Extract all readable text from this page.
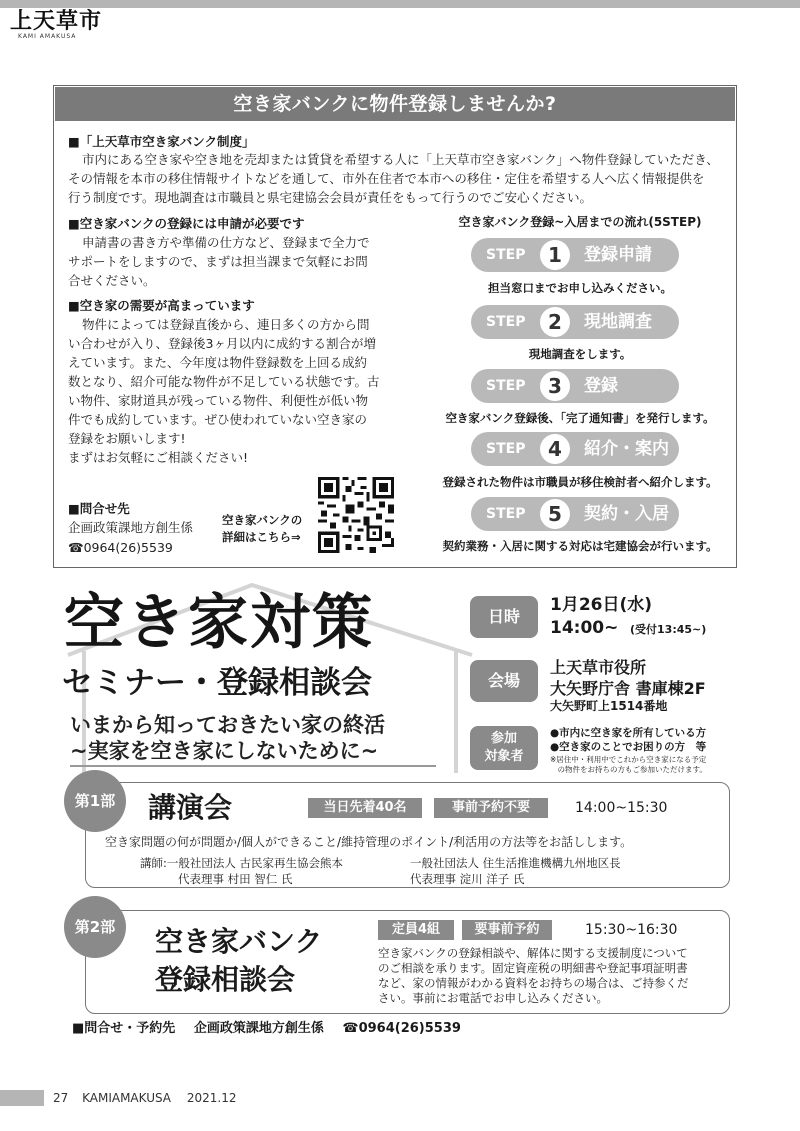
上天草市
KAMI AMAKUSA
空き家バンクに物件登録しませんか?
■「上天草市空き家バンク制度」
市内にある空き家や空き地を売却または賃貸を希望する人に「上天草市空き家バンク」へ物件登録していただき、
その情報を本市の移住情報サイトなどを通して、市外在住者で本市への移住・定住を希望する人へ広く情報提供を
行う制度です。現地調査は市職員と県宅建協会会員が責任をもって行うのでご安心ください。
■空き家バンクの登録には申請が必要です
申請書の書き方や準備の仕方など、登録まで全力で
サポートをしますので、まずは担当課まで気軽にお問
合せください。
■空き家の需要が高まっています
物件によっては登録直後から、連日多くの方から問
い合わせが入り、登録後3ヶ月以内に成約する割合が増
えています。また、今年度は物件登録数を上回る成約
数となり、紹介可能な物件が不足している状態です。古
い物件、家財道具が残っている物件、利便性が低い物
件でも成約しています。ぜひ使われていない空き家の
登録をお願いします!
まずはお気軽にご相談ください!
■問合せ先
企画政策課地方創生係
☎0964(26)5539
空き家バンクの
詳細はこちら⇒
空き家バンク登録~入居までの流れ(5STEP)
STEP	1	登録申請
担当窓口までお申し込みください。
STEP	2	現地調査
現地調査をします。
STEP	3	登録
空き家バンク登録後、「完了通知書」を発行します。
STEP	4	紹介・案内
登録された物件は市職員が移住検討者へ紹介します。
STEP	5	契約・入居
契約業務・入居に関する対応は宅建協会が行います。
空き家対策
セミナー・登録相談会
いまから知っておきたい家の終活
~実家を空き家にしないために~
日時
1月26日(水)
14:00~ (受付13:45~)
会場
上天草市役所
大矢野庁舎 書庫棟2F
大矢野町上1514番地
参加
対象者
●市内に空き家を所有している方
●空き家のことでお困りの方　等
※居住中・利用中でこれから空き家になる予定
　の物件をお持ちの方もご参加いただけます。
第1部	講演会	当日先着40名	事前予約不要	14:00~15:30
空き家問題の何が問題か/個人ができること/維持管理のポイント/利活用の方法等をお話しします。
講師:一般社団法人 古民家再生協会熊本
代表理事 村田 智仁 氏
一般社団法人 住生活推進機構九州地区長
代表理事 淀川 洋子 氏
第2部	空き家バンク
登録相談会
定員4組	要事前予約	15:30~16:30
空き家バンクの登録相談や、解体に関する支援制度について
のご相談を承ります。固定資産税の明細書や登記事項証明書
など、家の情報がわかる資料をお持ちの場合は、ご持参くだ
さい。事前にお電話でお申し込みください。
■問合せ・予約先 企画政策課地方創生係 ☎0964(26)5539
27 KAMIAMAKUSA 2021.12
